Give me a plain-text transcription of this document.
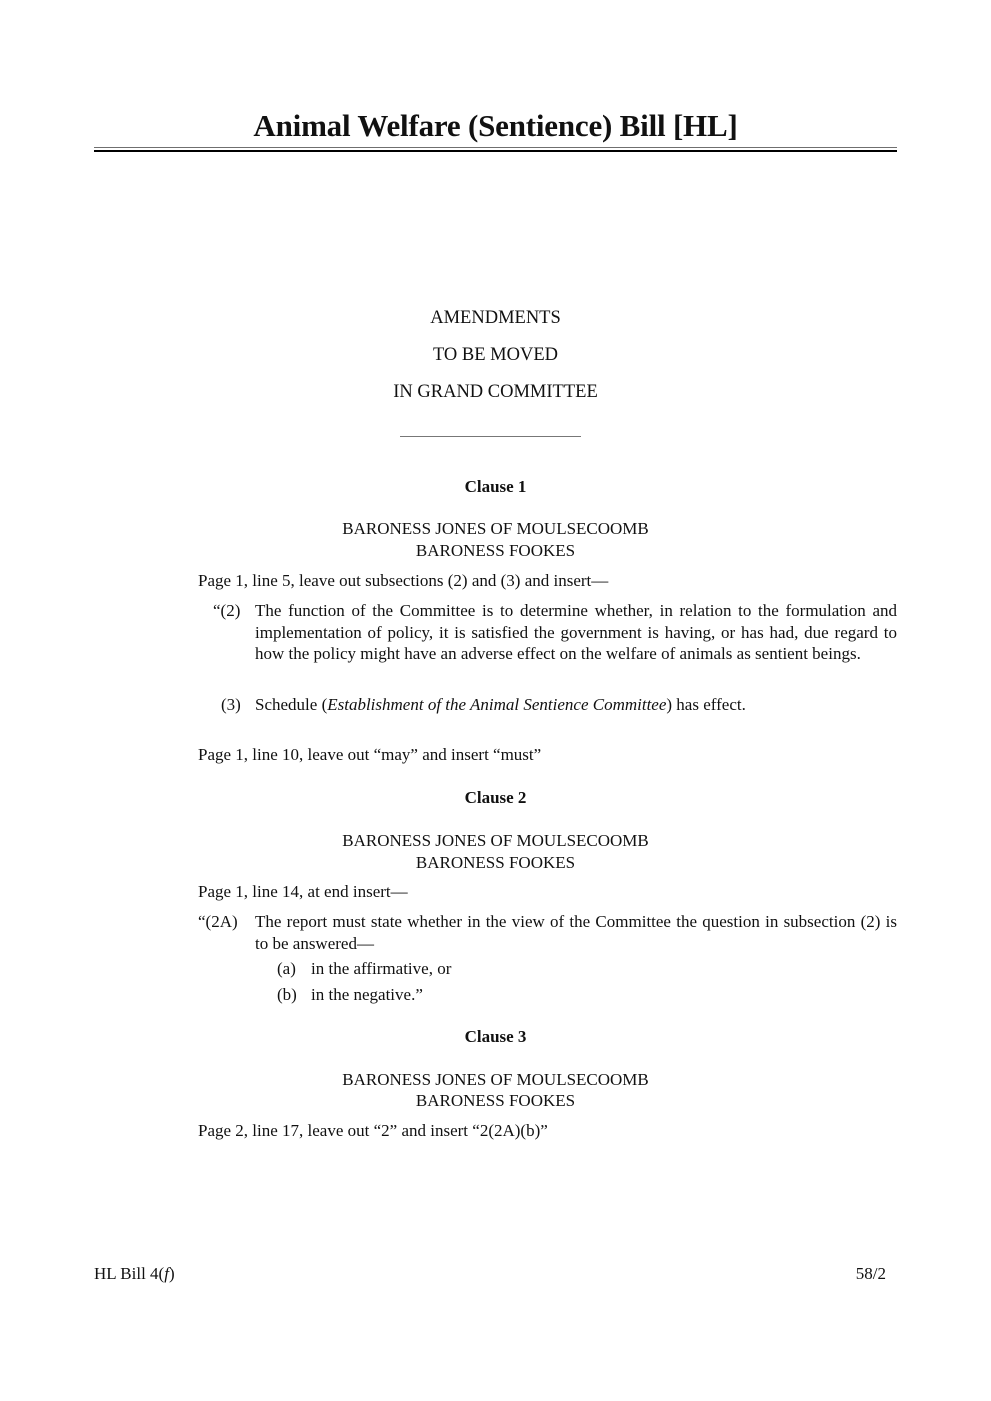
Animal Welfare (Sentience) Bill [HL]
AMENDMENTS
TO BE MOVED
IN GRAND COMMITTEE
Clause 1
BARONESS JONES OF MOULSECOOMB
BARONESS FOOKES
Page 1, line 5, leave out subsections (2) and (3) and insert—
“(2) The function of the Committee is to determine whether, in relation to the formulation and implementation of policy, it is satisfied the government is having, or has had, due regard to how the policy might have an adverse effect on the welfare of animals as sentient beings.
(3) Schedule (Establishment of the Animal Sentience Committee) has effect.
Page 1, line 10, leave out “may” and insert “must”
Clause 2
BARONESS JONES OF MOULSECOOMB
BARONESS FOOKES
Page 1, line 14, at end insert—
“(2A) The report must state whether in the view of the Committee the question in subsection (2) is to be answered—
(a) in the affirmative, or
(b) in the negative.”
Clause 3
BARONESS JONES OF MOULSECOOMB
BARONESS FOOKES
Page 2, line 17, leave out “2” and insert “2(2A)(b)”
HL Bill 4(f)	58/2
